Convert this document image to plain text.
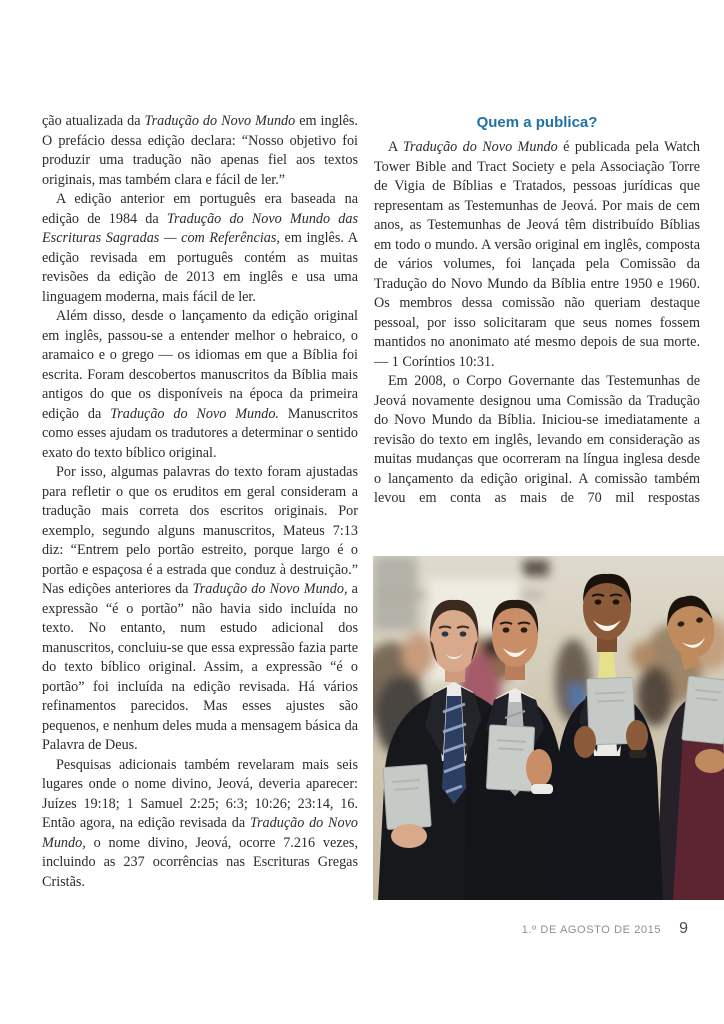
ção atualizada da Tradução do Novo Mundo em inglês. O prefácio dessa edição declara: “Nosso objetivo foi produzir uma tradução não apenas fiel aos textos originais, mas também clara e fácil de ler.”

A edição anterior em português era baseada na edição de 1984 da Tradução do Novo Mundo das Escrituras Sagradas — com Referências, em inglês. A edição revisada em português contém as muitas revisões da edição de 2013 em inglês e usa uma linguagem moderna, mais fácil de ler.

Além disso, desde o lançamento da edição original em inglês, passou-se a entender melhor o hebraico, o aramaico e o grego — os idiomas em que a Bíblia foi escrita. Foram descobertos manuscritos da Bíblia mais antigos do que os disponíveis na época da primeira edição da Tradução do Novo Mundo. Manuscritos como esses ajudam os tradutores a determinar o sentido exato do texto bíblico original.

Por isso, algumas palavras do texto foram ajustadas para refletir o que os eruditos em geral consideram a tradução mais correta dos escritos originais. Por exemplo, segundo alguns manuscritos, Mateus 7:13 diz: “Entrem pelo portão estreito, porque largo é o portão e espaçosa é a estrada que conduz à destruição.” Nas edições anteriores da Tradução do Novo Mundo, a expressão “é o portão” não havia sido incluída no texto. No entanto, num estudo adicional dos manuscritos, concluiu-se que essa expressão fazia parte do texto bíblico original. Assim, a expressão “é o portão” foi incluída na edição revisada. Há vários refinamentos parecidos. Mas esses ajustes são pequenos, e nenhum deles muda a mensagem básica da Palavra de Deus.

Pesquisas adicionais também revelaram mais seis lugares onde o nome divino, Jeová, deveria aparecer: Juízes 19:18; 1 Samuel 2:25; 6:3; 10:26; 23:14, 16. Então agora, na edição revisada da Tradução do Novo Mundo, o nome divino, Jeová, ocorre 7.216 vezes, incluindo as 237 ocorrências nas Escrituras Gregas Cristãs.

Quem a publica?

A Tradução do Novo Mundo é publicada pela Watch Tower Bible and Tract Society e pela Associação Torre de Vigia de Bíblias e Tratados, pessoas jurídicas que representam as Testemunhas de Jeová. Por mais de cem anos, as Testemunhas de Jeová têm distribuído Bíblias em todo o mundo. A versão original em inglês, composta de vários volumes, foi lançada pela Comissão da Tradução do Novo Mundo da Bíblia entre 1950 e 1960. Os membros dessa comissão não queriam destaque pessoal, por isso solicitaram que seus nomes fossem mantidos no anonimato até mesmo depois de sua morte. — 1 Coríntios 10:31.

Em 2008, o Corpo Governante das Testemunhas de Jeová novamente designou uma Comissão da Tradução do Novo Mundo da Bíblia. Iniciou-se imediatamente a revisão do texto em inglês, levando em consideração as muitas mudanças que ocorreram na língua inglesa desde o lançamento da edição original. A comissão também levou em conta as mais de 70 mil respostas

1.º DE AGOSTO DE 2015 9
